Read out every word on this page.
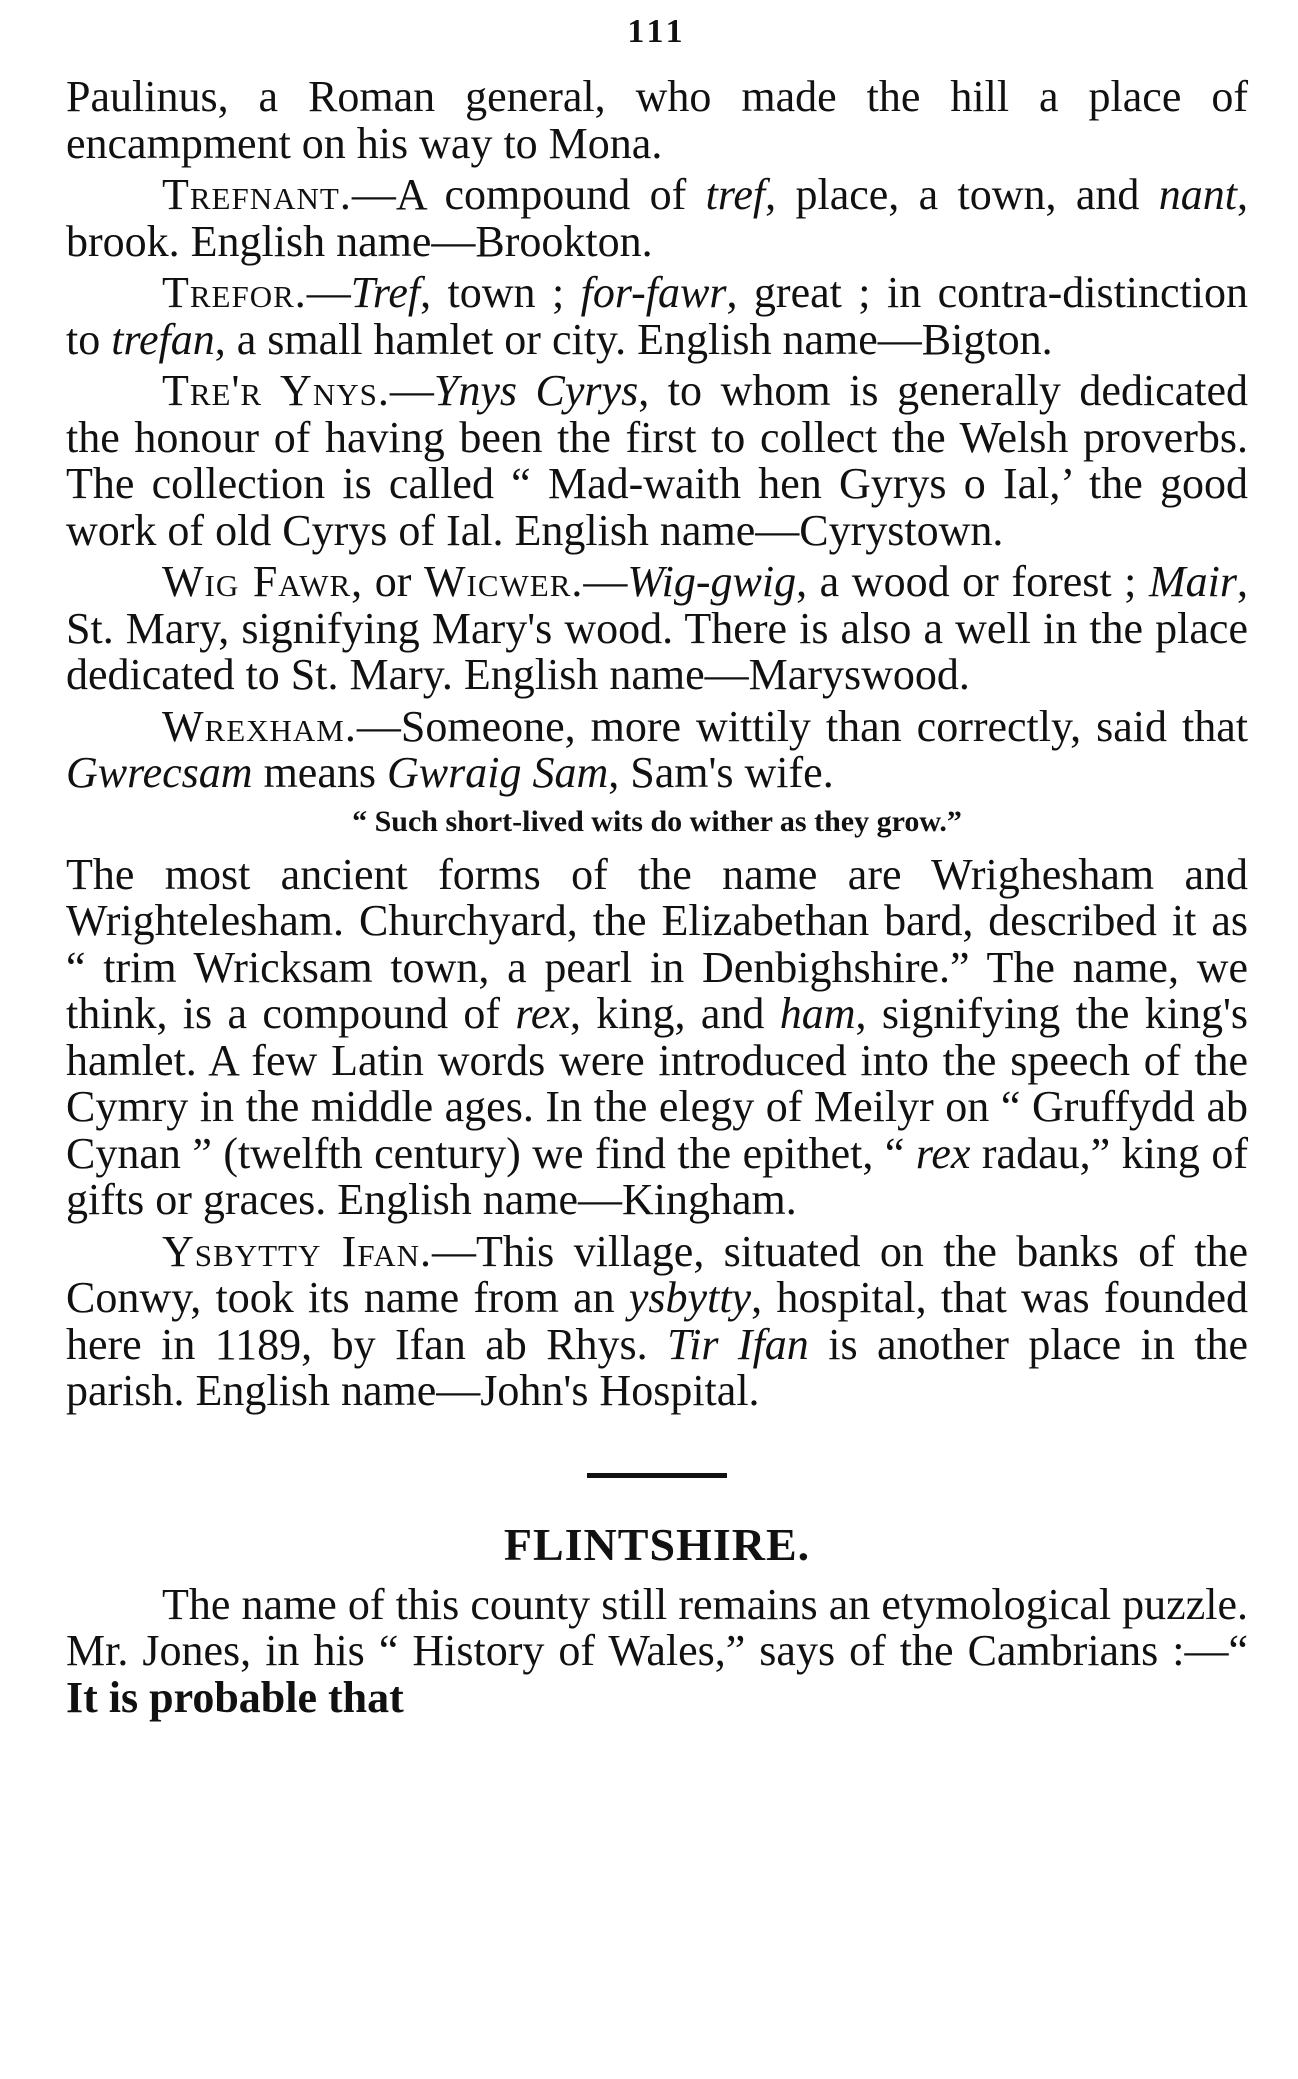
111

Paulinus, a Roman general, who made the hill a place of encampment on his way to Mona.

Trefnant.—A compound of tref, place, a town, and nant, brook. English name—Brookton.

Trefor.—Tref, town ; for-fawr, great ; in contra-distinction to trefan, a small hamlet or city. English name—Bigton.

Tre'r Ynys.—Ynys Cyrys, to whom is generally dedicated the honour of having been the first to collect the Welsh proverbs. The collection is called “ Mad-waith hen Gyrys o Ial,’ the good work of old Cyrys of Ial. English name—Cyrystown.

Wig Fawr, or Wicwer.—Wig-gwig, a wood or forest ; Mair, St. Mary, signifying Mary's wood. There is also a well in the place dedicated to St. Mary. English name—Maryswood.

Wrexham.—Someone, more wittily than correctly, said that Gwrecsam means Gwraig Sam, Sam's wife.

“ Such short-lived wits do wither as they grow.”

The most ancient forms of the name are Wrighesham and Wrightelesham. Churchyard, the Elizabethan bard, described it as “ trim Wricksam town, a pearl in Denbighshire.” The name, we think, is a compound of rex, king, and ham, signifying the king's hamlet. A few Latin words were introduced into the speech of the Cymry in the middle ages. In the elegy of Meilyr on “ Gruffydd ab Cynan ” (twelfth century) we find the epithet, “ rex radau,” king of gifts or graces. English name—Kingham.

Ysbytty Ifan.—This village, situated on the banks of the Conwy, took its name from an ysbytty, hospital, that was founded here in 1189, by Ifan ab Rhys. Tir Ifan is another place in the parish. English name—John's Hospital.

FLINTSHIRE.

The name of this county still remains an etymological puzzle. Mr. Jones, in his “ History of Wales,” says of the Cambrians :—“ It is probable that
